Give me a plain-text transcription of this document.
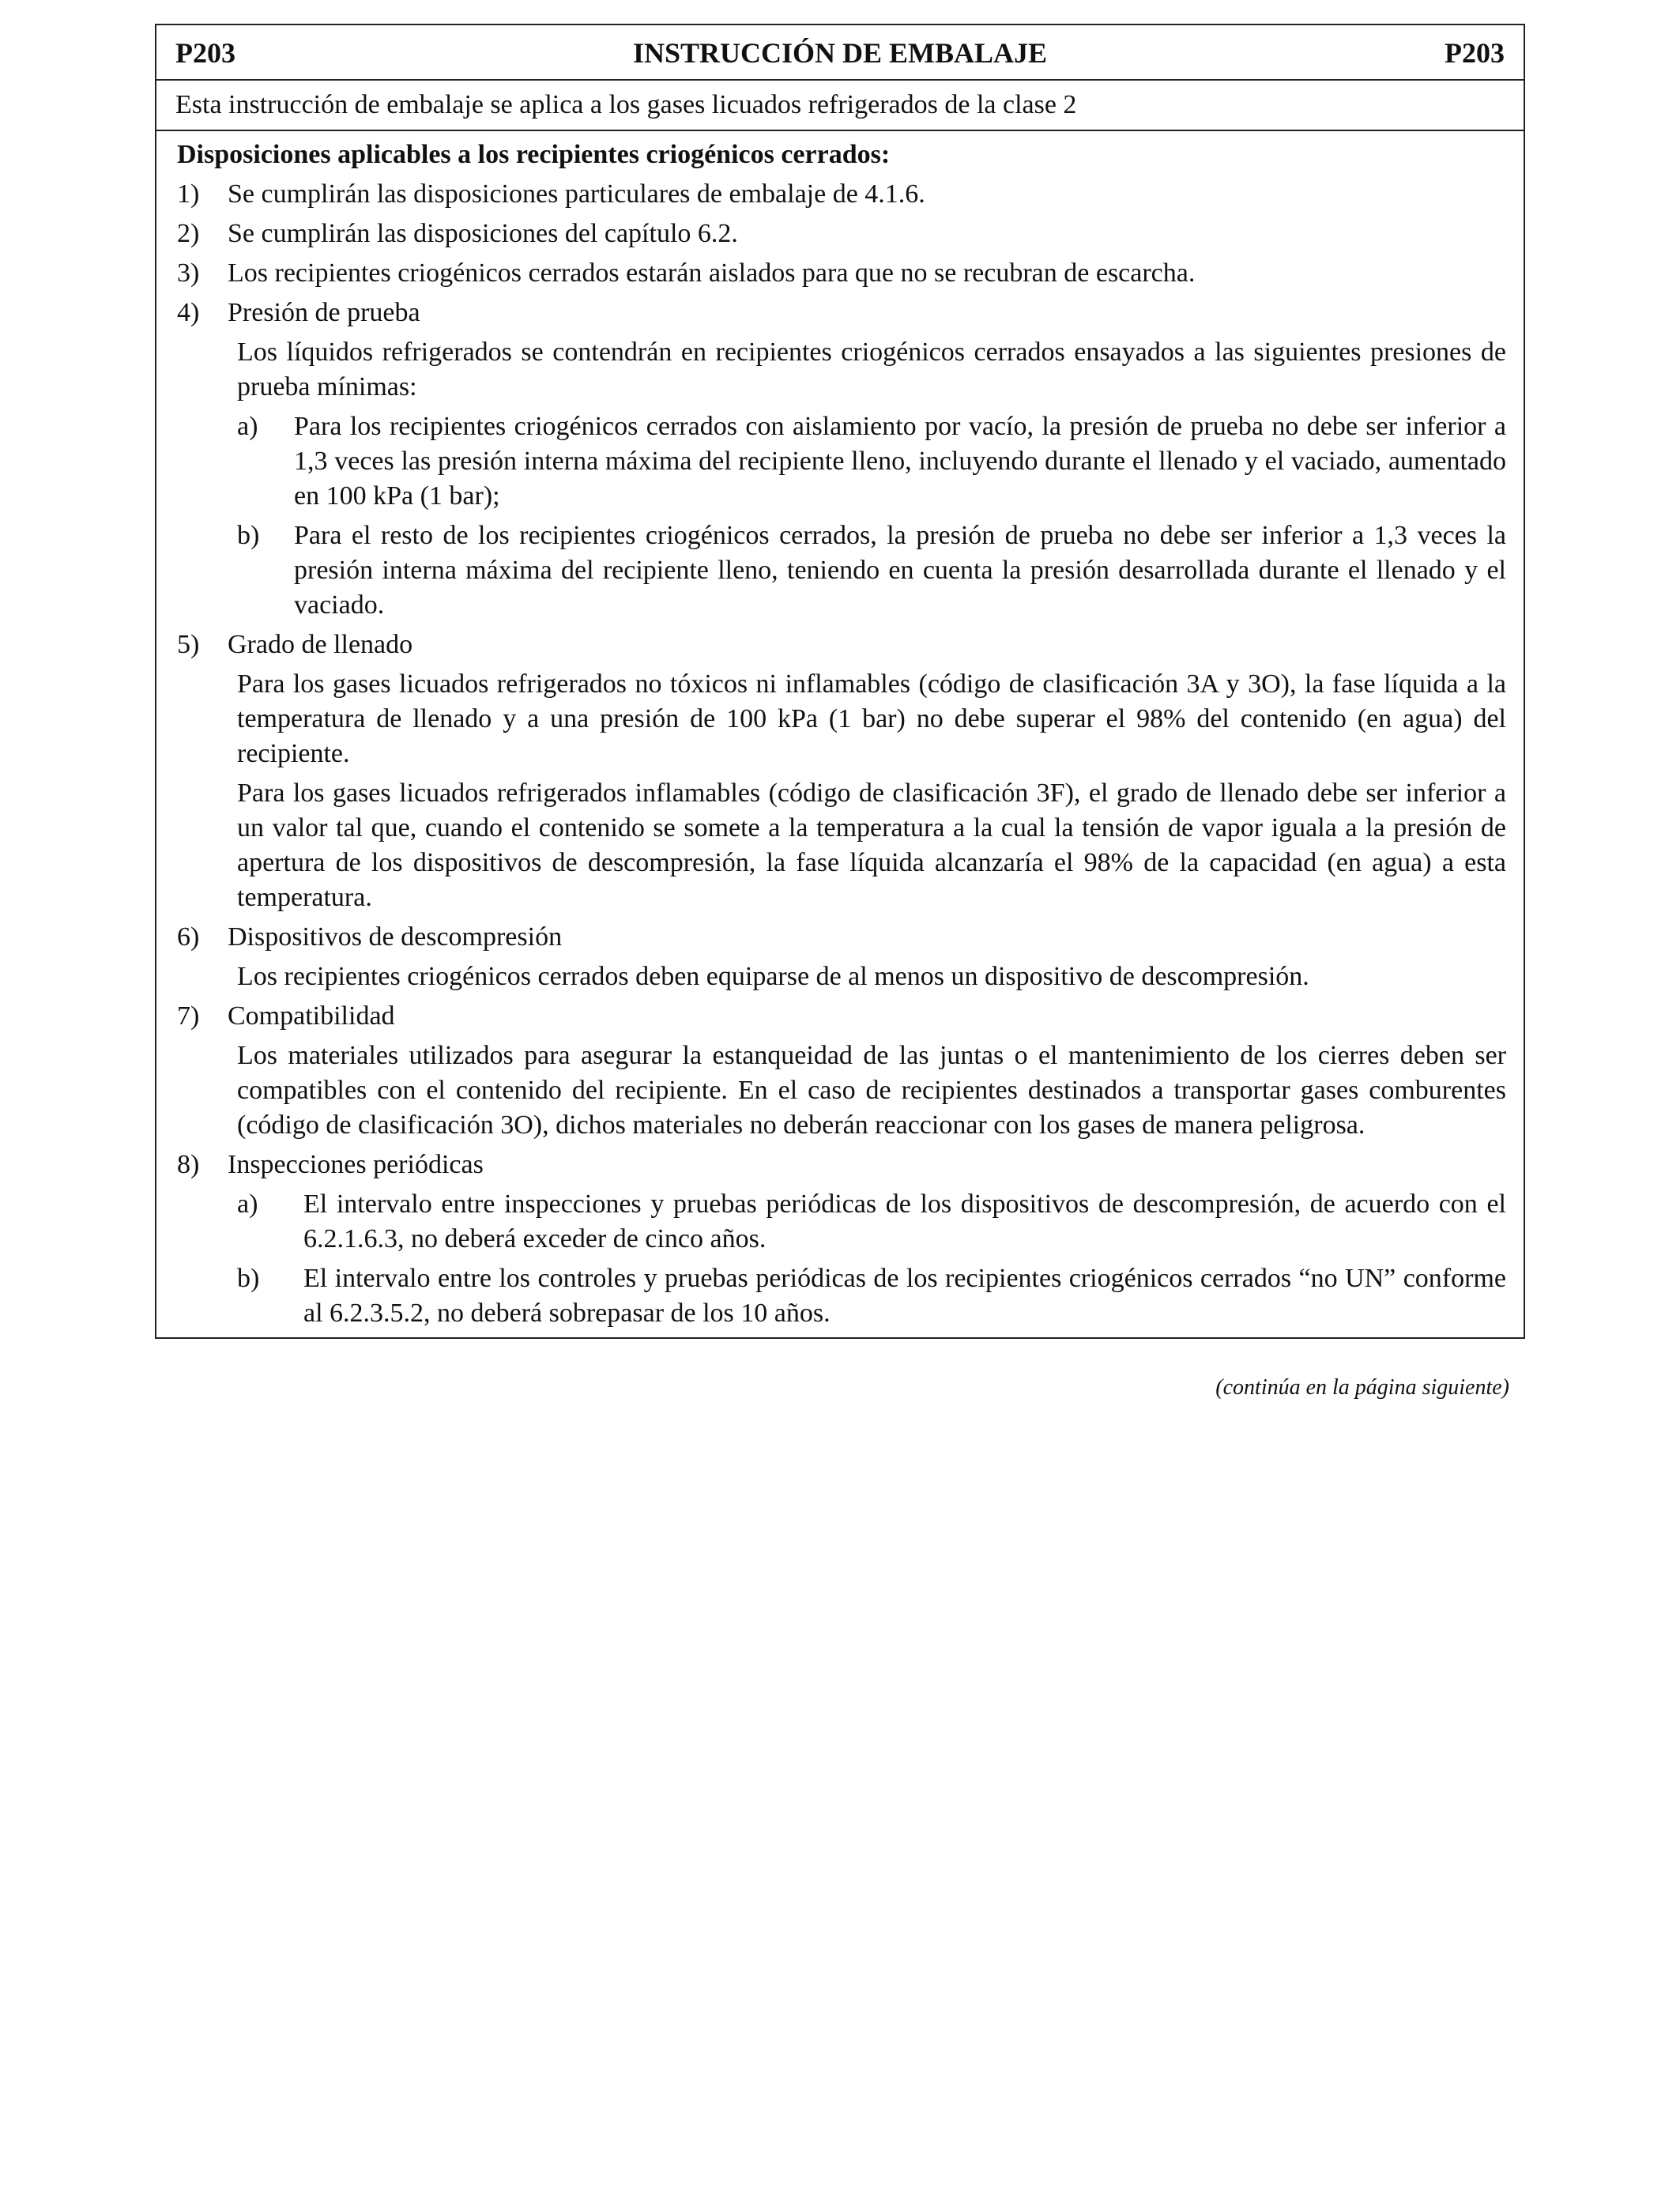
P203	INSTRUCCIÓN DE EMBALAJE	P203
Esta instrucción de embalaje se aplica a los gases licuados refrigerados de la clase 2
Disposiciones aplicables a los recipientes criogénicos cerrados:
1) Se cumplirán las disposiciones particulares de embalaje de 4.1.6.
2) Se cumplirán las disposiciones del capítulo 6.2.
3) Los recipientes criogénicos cerrados estarán aislados para que no se recubran de escarcha.
4) Presión de prueba
Los líquidos refrigerados se contendrán en recipientes criogénicos cerrados ensayados a las siguientes presiones de prueba mínimas:
a) Para los recipientes criogénicos cerrados con aislamiento por vacío, la presión de prueba no debe ser inferior a 1,3 veces las presión interna máxima del recipiente lleno, incluyendo durante el llenado y el vaciado, aumentado en 100 kPa (1 bar);
b) Para el resto de los recipientes criogénicos cerrados, la presión de prueba no debe ser inferior a 1,3 veces la presión interna máxima del recipiente lleno, teniendo en cuenta la presión desarrollada durante el llenado y el vaciado.
5) Grado de llenado
Para los gases licuados refrigerados no tóxicos ni inflamables (código de clasificación 3A y 3O), la fase líquida a la temperatura de llenado y a una presión de 100 kPa (1 bar) no debe superar el 98% del contenido (en agua) del recipiente.
Para los gases licuados refrigerados inflamables (código de clasificación 3F), el grado de llenado debe ser inferior a un valor tal que, cuando el contenido se somete a la temperatura a la cual la tensión de vapor iguala a la presión de apertura de los dispositivos de descompresión, la fase líquida alcanzaría el 98% de la capacidad (en agua) a esta temperatura.
6) Dispositivos de descompresión
Los recipientes criogénicos cerrados deben equiparse de al menos un dispositivo de descompresión.
7) Compatibilidad
Los materiales utilizados para asegurar la estanqueidad de las juntas o el mantenimiento de los cierres deben ser compatibles con el contenido del recipiente. En el caso de recipientes destinados a transportar gases comburentes (código de clasificación 3O), dichos materiales no deberán reaccionar con los gases de manera peligrosa.
8) Inspecciones periódicas
a) El intervalo entre inspecciones y pruebas periódicas de los dispositivos de descompresión, de acuerdo con el 6.2.1.6.3, no deberá exceder de cinco años.
b) El intervalo entre los controles y pruebas periódicas de los recipientes criogénicos cerrados “no UN” conforme al 6.2.3.5.2, no deberá sobrepasar de los 10 años.
(continúa en la página siguiente)
